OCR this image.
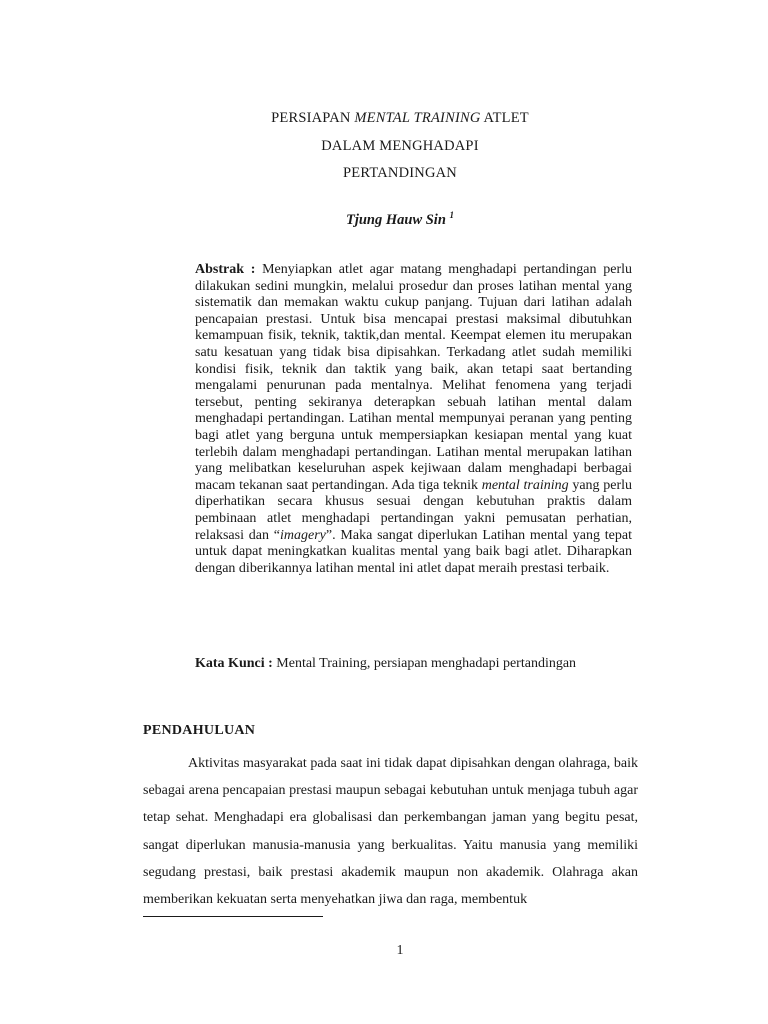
PERSIAPAN MENTAL TRAINING ATLET
DALAM MENGHADAPI
PERTANDINGAN
Tjung Hauw Sin $^1$
Abstrak : Menyiapkan atlet agar matang menghadapi pertandingan perlu dilakukan sedini mungkin, melalui prosedur dan proses latihan mental yang sistematik dan memakan waktu cukup panjang. Tujuan dari latihan adalah pencapaian prestasi. Untuk bisa mencapai prestasi maksimal dibutuhkan kemampuan fisik, teknik, taktik,dan mental. Keempat elemen itu merupakan satu kesatuan yang tidak bisa dipisahkan. Terkadang atlet sudah memiliki kondisi fisik, teknik dan taktik yang baik, akan tetapi saat bertanding mengalami penurunan pada mentalnya. Melihat fenomena yang terjadi tersebut, penting sekiranya deterapkan sebuah latihan mental dalam menghadapi pertandingan. Latihan mental mempunyai peranan yang penting bagi atlet yang berguna untuk mempersiapkan kesiapan mental yang kuat terlebih dalam menghadapi pertandingan. Latihan mental merupakan latihan yang melibatkan keseluruhan aspek kejiwaan dalam menghadapi berbagai macam tekanan saat pertandingan. Ada tiga teknik mental training yang perlu diperhatikan secara khusus sesuai dengan kebutuhan praktis dalam pembinaan atlet menghadapi pertandingan yakni pemusatan perhatian, relaksasi dan “imagery”. Maka sangat diperlukan Latihan mental yang tepat untuk dapat meningkatkan kualitas mental yang baik bagi atlet. Diharapkan dengan diberikannya latihan mental ini atlet dapat meraih prestasi terbaik.
Kata Kunci : Mental Training, persiapan menghadapi pertandingan
PENDAHULUAN
Aktivitas masyarakat pada saat ini tidak dapat dipisahkan dengan olahraga, baik sebagai arena pencapaian prestasi maupun sebagai kebutuhan untuk menjaga tubuh agar tetap sehat. Menghadapi era globalisasi dan perkembangan jaman yang begitu pesat, sangat diperlukan manusia-manusia yang berkualitas. Yaitu manusia yang memiliki segudang prestasi, baik prestasi akademik maupun non akademik. Olahraga akan memberikan kekuatan serta menyehatkan jiwa dan raga, membentuk
1
